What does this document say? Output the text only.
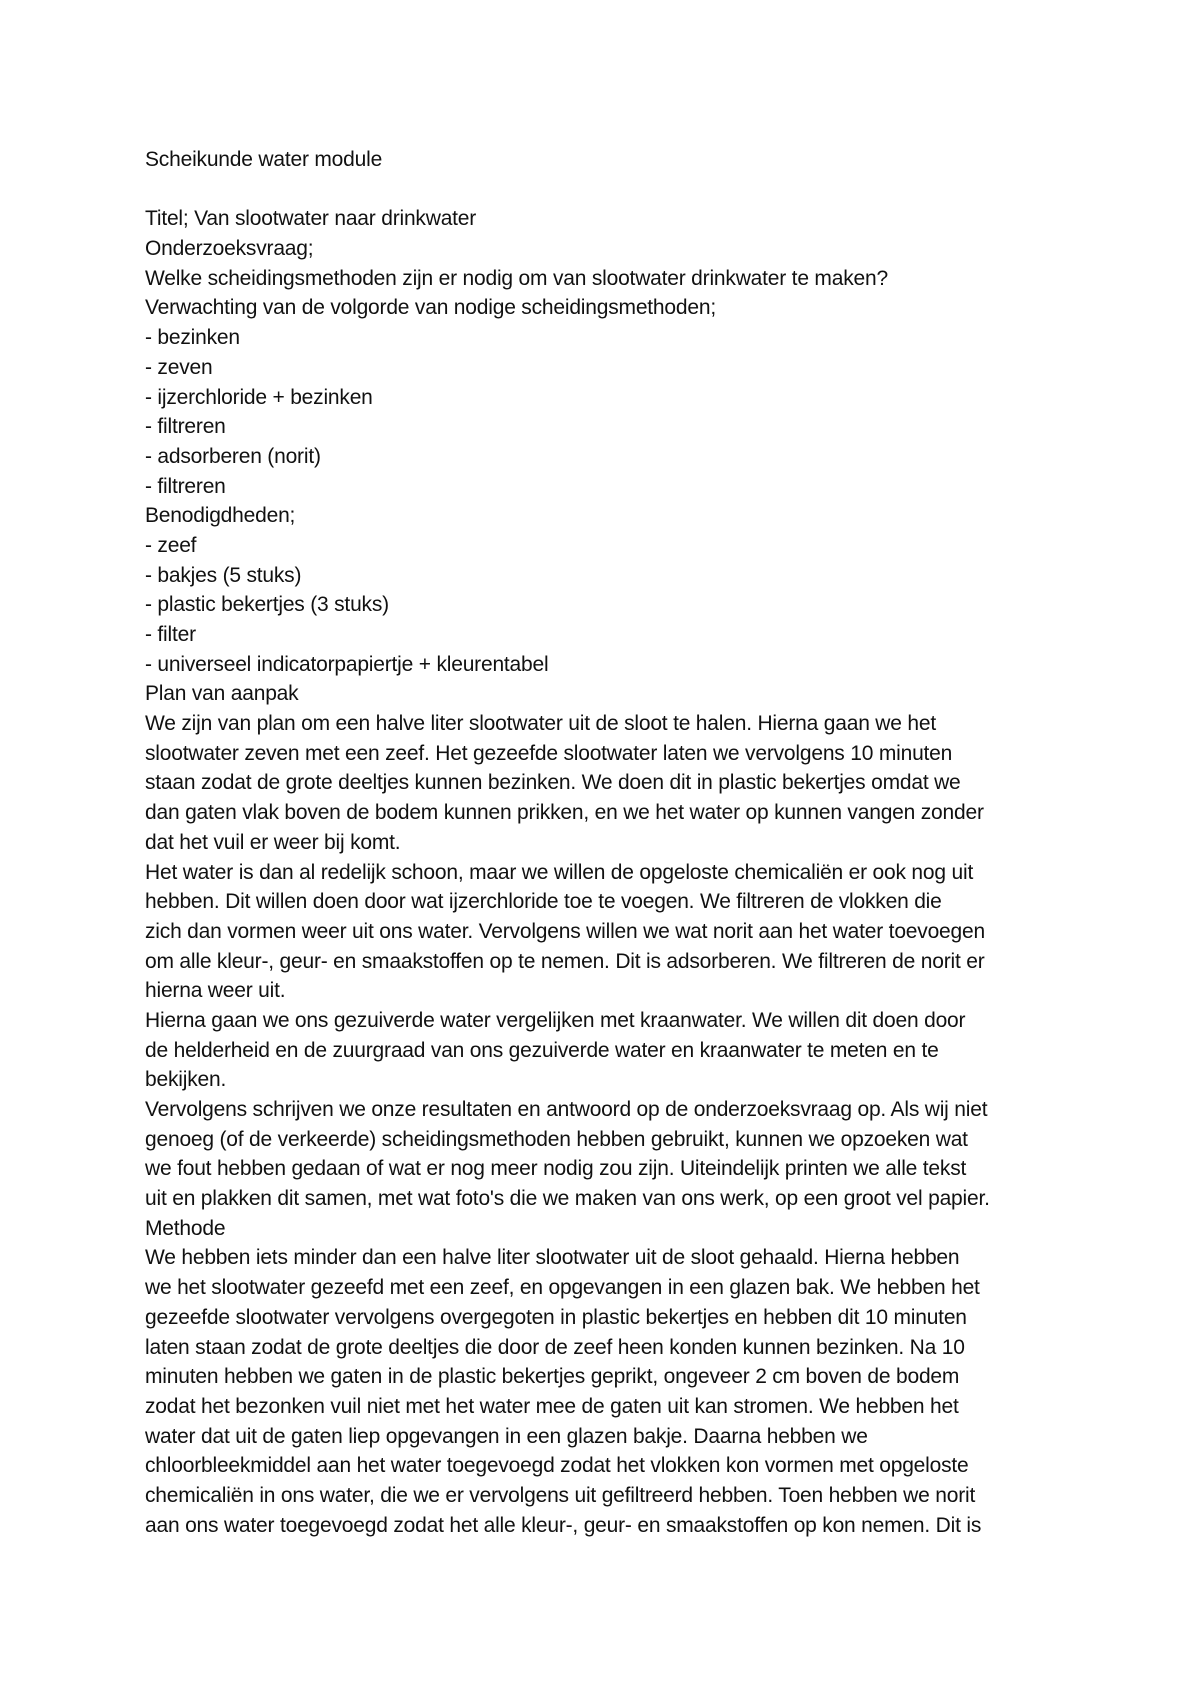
Scheikunde water module
Titel; Van slootwater naar drinkwater
Onderzoeksvraag;
Welke scheidingsmethoden zijn er nodig om van slootwater drinkwater te maken?
Verwachting van de volgorde van nodige scheidingsmethoden;
- bezinken
- zeven
- ijzerchloride + bezinken
- filtreren
- adsorberen (norit)
- filtreren
Benodigdheden;
- zeef
- bakjes (5 stuks)
- plastic bekertjes (3 stuks)
- filter
- universeel indicatorpapiertje + kleurentabel
Plan van aanpak
We zijn van plan om een halve liter slootwater uit de sloot te halen. Hierna gaan we het
slootwater zeven met een zeef. Het gezeefde slootwater laten we vervolgens 10 minuten
staan zodat de grote deeltjes kunnen bezinken. We doen dit in plastic bekertjes omdat we
dan gaten vlak boven de bodem kunnen prikken, en we het water op kunnen vangen zonder
dat het vuil er weer bij komt.
Het water is dan al redelijk schoon, maar we willen de opgeloste chemicaliën er ook nog uit
hebben. Dit willen doen door wat ijzerchloride toe te voegen. We filtreren de vlokken die
zich dan vormen weer uit ons water. Vervolgens willen we wat norit aan het water toevoegen
om alle kleur-, geur- en smaakstoffen op te nemen. Dit is adsorberen. We filtreren de norit er
hierna weer uit.
Hierna gaan we ons gezuiverde water vergelijken met kraanwater. We willen dit doen door
de helderheid en de zuurgraad van ons gezuiverde water en kraanwater te meten en te
bekijken.
Vervolgens schrijven we onze resultaten en antwoord op de onderzoeksvraag op. Als wij niet
genoeg (of de verkeerde) scheidingsmethoden hebben gebruikt, kunnen we opzoeken wat
we fout hebben gedaan of wat er nog meer nodig zou zijn. Uiteindelijk printen we alle tekst
uit en plakken dit samen, met wat foto's die we maken van ons werk, op een groot vel papier.
Methode
We hebben iets minder dan een halve liter slootwater uit de sloot gehaald. Hierna hebben
we het slootwater gezeefd met een zeef, en opgevangen in een glazen bak. We hebben het
gezeefde slootwater vervolgens overgegoten in plastic bekertjes en hebben dit 10 minuten
laten staan zodat de grote deeltjes die door de zeef heen konden kunnen bezinken. Na 10
minuten hebben we gaten in de plastic bekertjes geprikt, ongeveer 2 cm boven de bodem
zodat het bezonken vuil niet met het water mee de gaten uit kan stromen. We hebben het
water dat uit de gaten liep opgevangen in een glazen bakje. Daarna hebben we
chloorbleekmiddel aan het water toegevoegd zodat het vlokken kon vormen met opgeloste
chemicaliën in ons water, die we er vervolgens uit gefiltreerd hebben. Toen hebben we norit
aan ons water toegevoegd zodat het alle kleur-, geur- en smaakstoffen op kon nemen. Dit is
